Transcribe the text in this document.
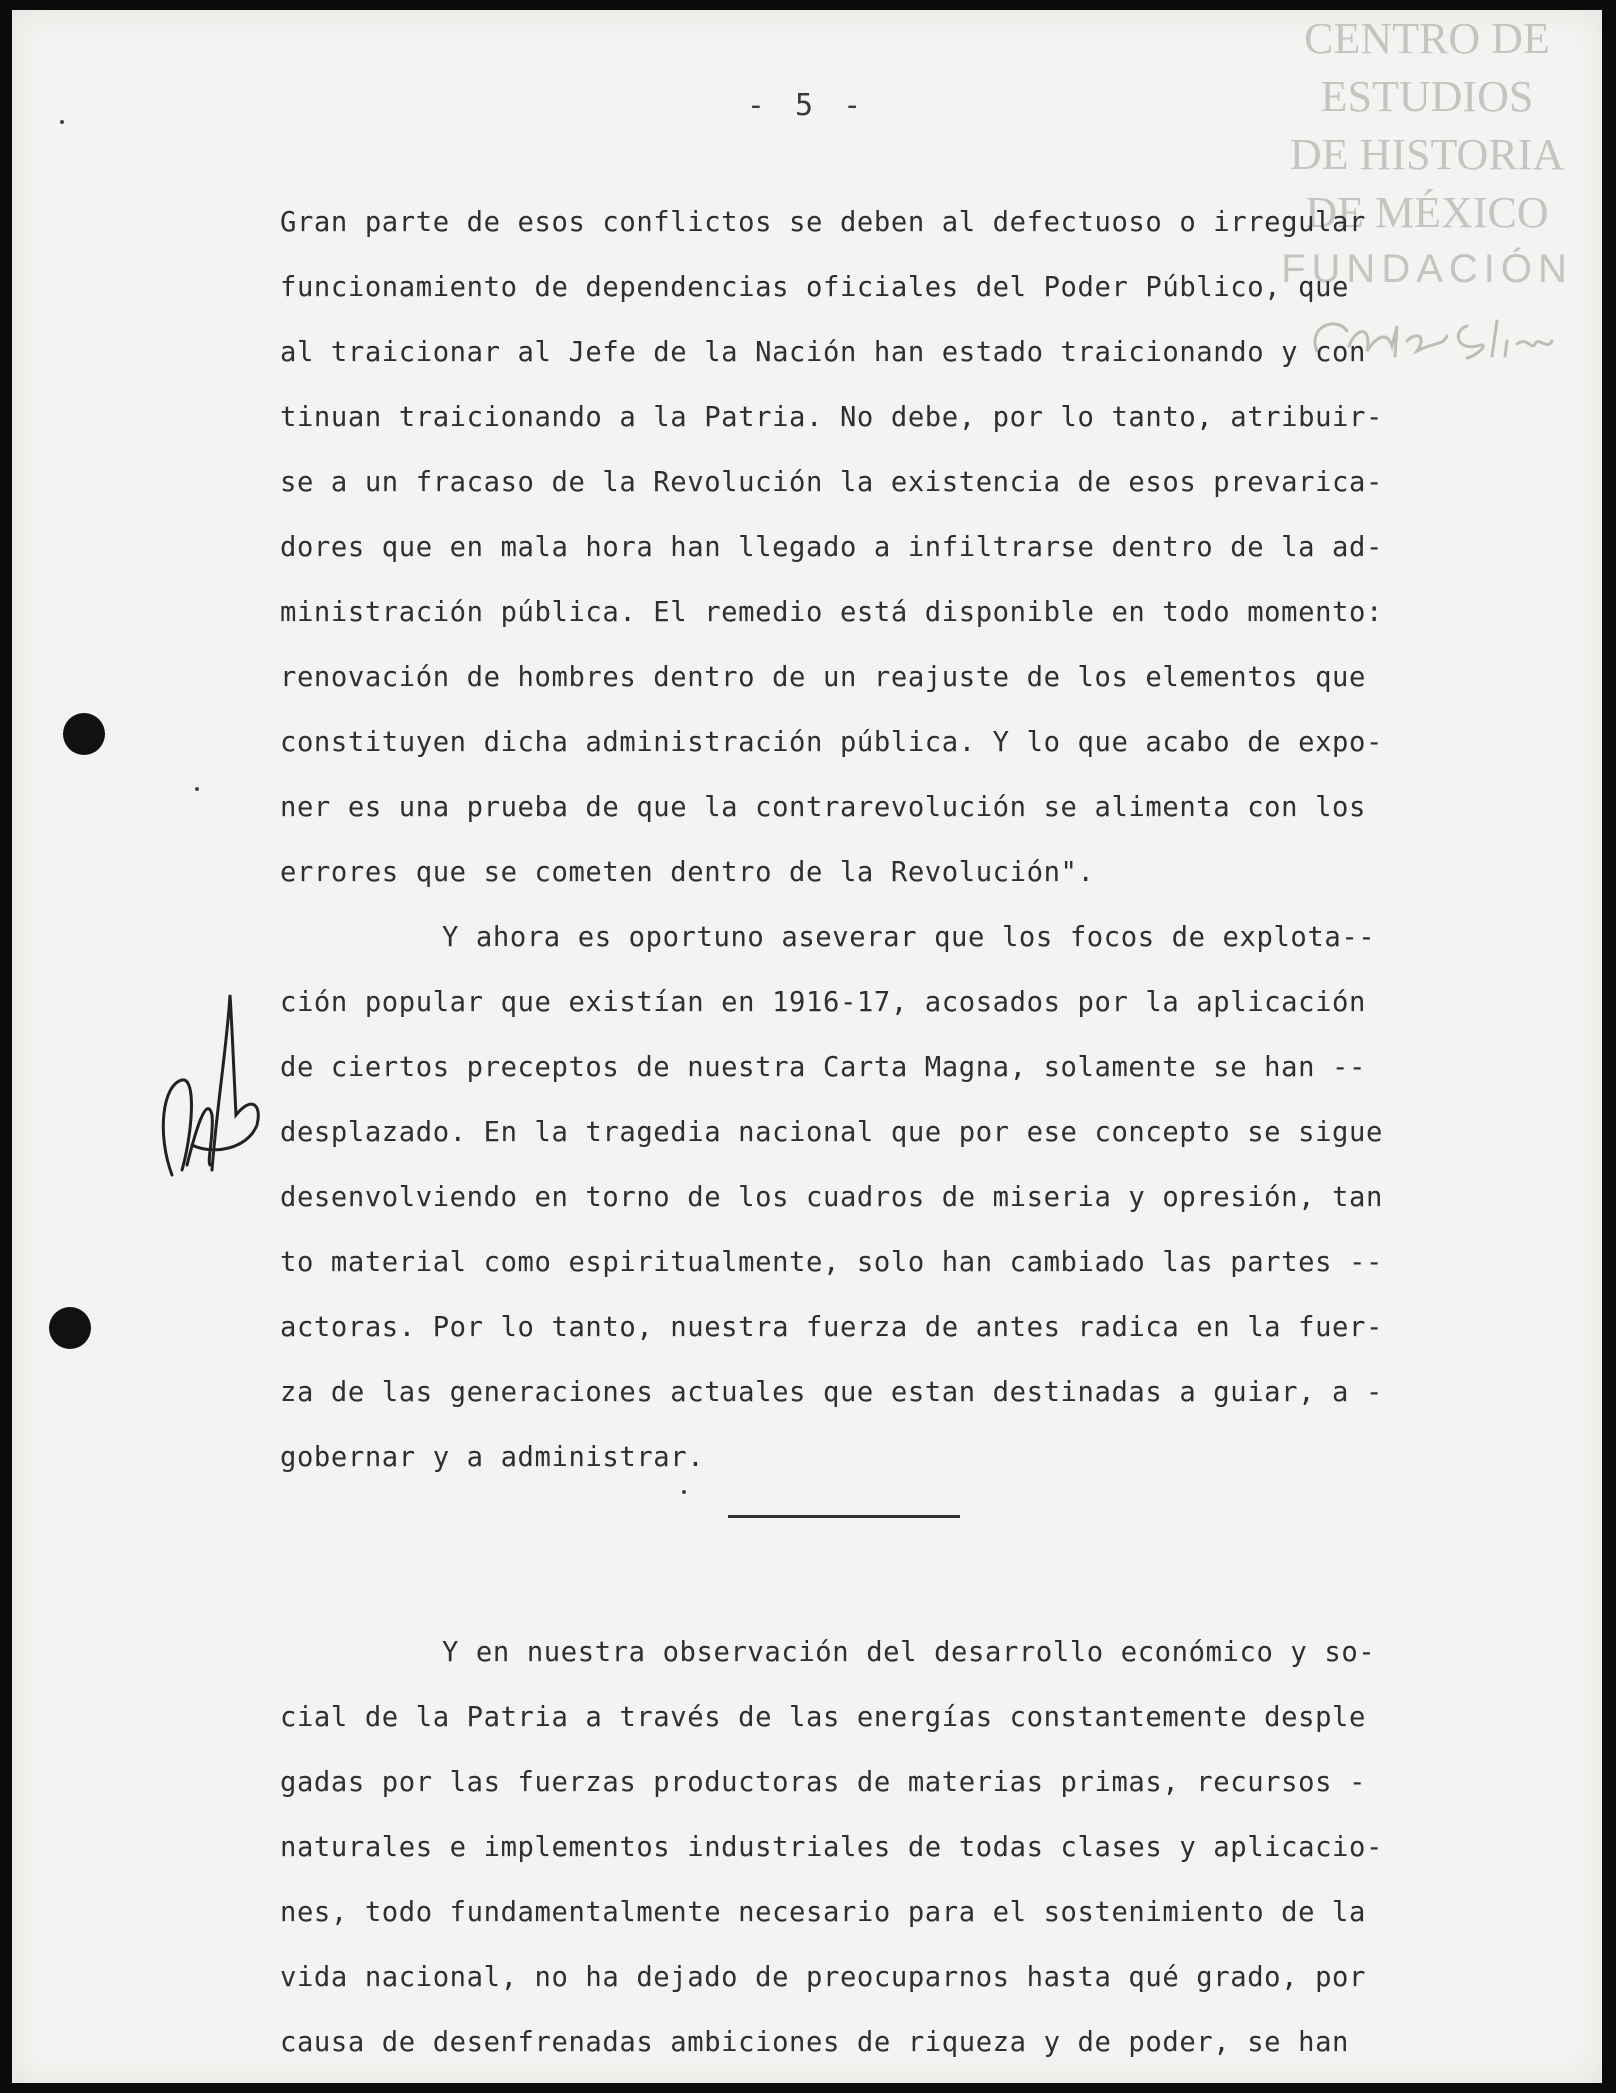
CENTRO DE
ESTUDIOS
DE HISTORIA
DE MÉXICO
FUNDACIÓN
- 5 -
Gran parte de esos conflictos se deben al defectuoso o irregular
funcionamiento de dependencias oficiales del Poder Público, que
al traicionar al Jefe de la Nación han estado traicionando y con
tinuan traicionando a la Patria. No debe, por lo tanto, atribuir-
se a un fracaso de la Revolución la existencia de esos prevarica-
dores que en mala hora han llegado a infiltrarse dentro de la ad-
ministración pública. El remedio está disponible en todo momento:
renovación de hombres dentro de un reajuste de los elementos que
constituyen dicha administración pública. Y lo que acabo de expo-
ner es una prueba de que la contrarevolución se alimenta con los
errores que se cometen dentro de la Revolución".
Y ahora es oportuno aseverar que los focos de explota--
ción popular que existían en 1916-17, acosados por la aplicación
de ciertos preceptos de nuestra Carta Magna, solamente se han --
desplazado. En la tragedia nacional que por ese concepto se sigue
desenvolviendo en torno de los cuadros de miseria y opresión, tan
to material como espiritualmente, solo han cambiado las partes --
actoras. Por lo tanto, nuestra fuerza de antes radica en la fuer-
za de las generaciones actuales que estan destinadas a guiar, a -
gobernar y a administrar.
Y en nuestra observación del desarrollo económico y so-
cial de la Patria a través de las energías constantemente desple
gadas por las fuerzas productoras de materias primas, recursos -
naturales e implementos industriales de todas clases y aplicacio-
nes, todo fundamentalmente necesario para el sostenimiento de la
vida nacional, no ha dejado de preocuparnos hasta qué grado, por
causa de desenfrenadas ambiciones de riqueza y de poder, se han
